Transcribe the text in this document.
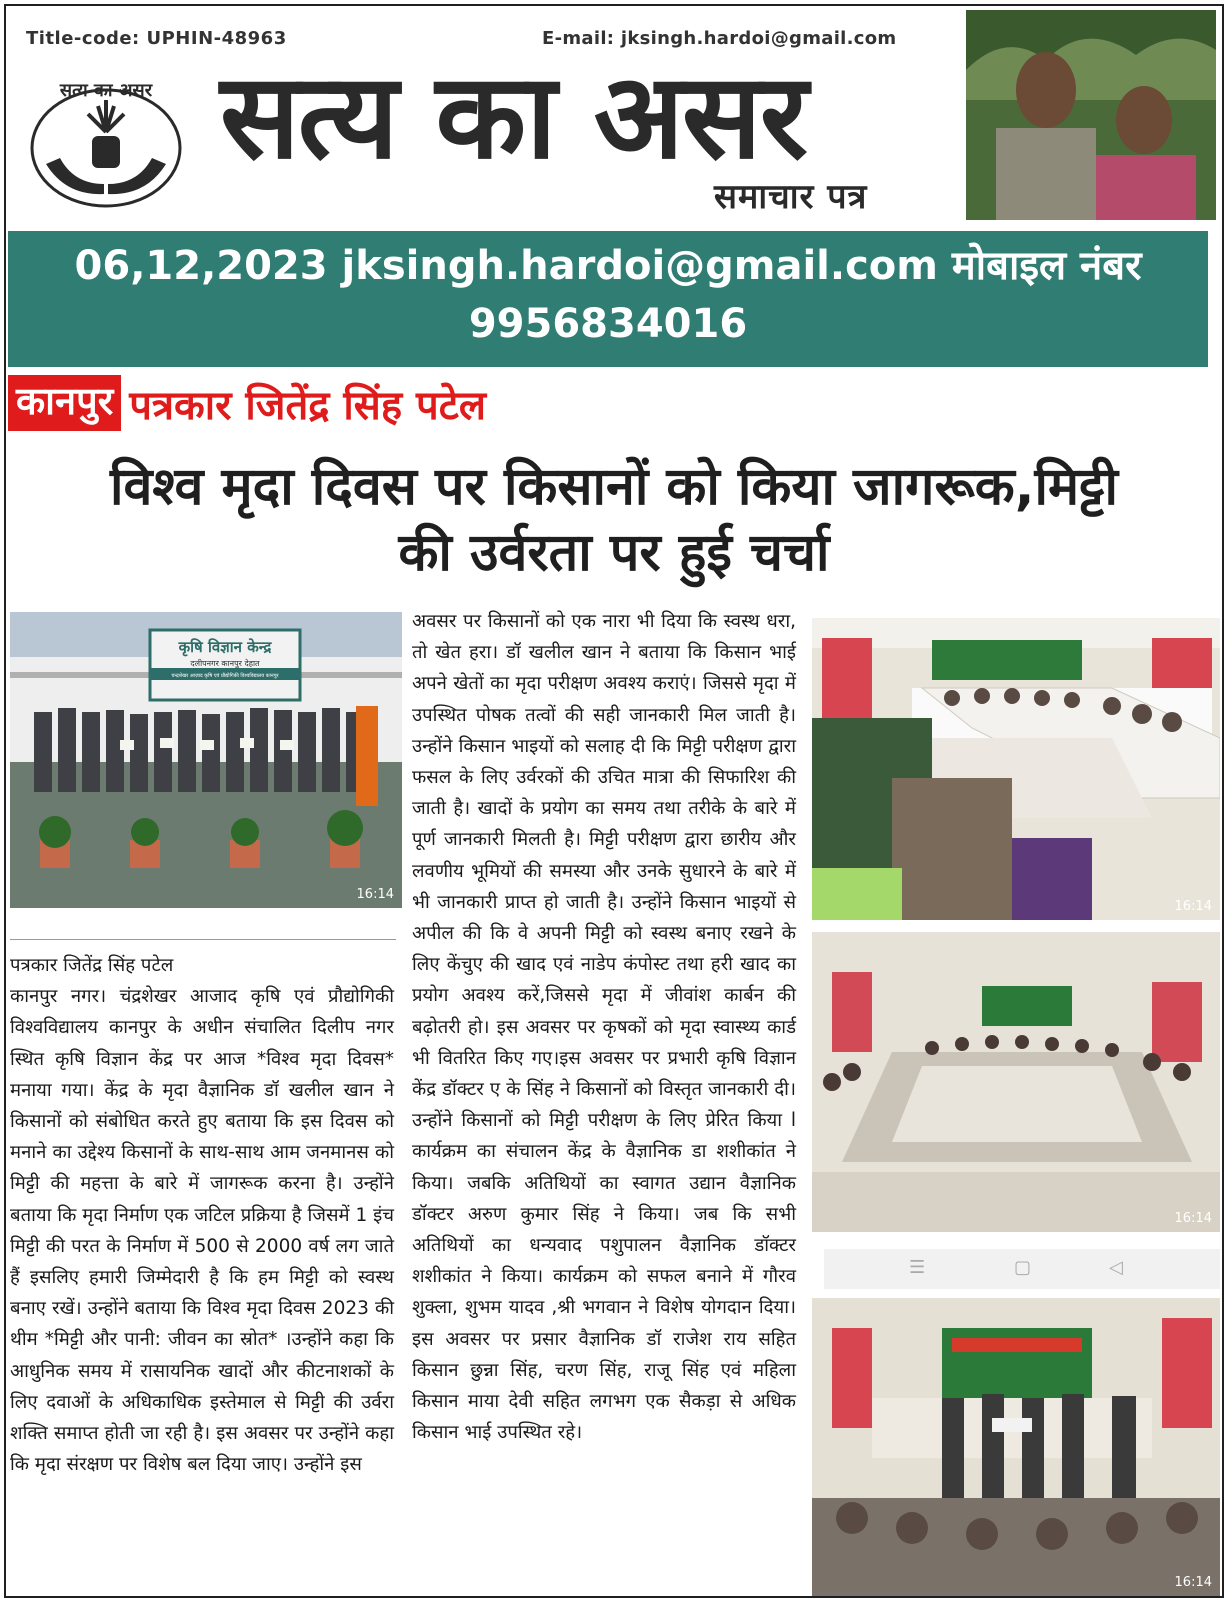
Title-code: UPHIN-48963	E-mail: jksingh.hardoi@gmail.com
सत्य का असर सत्य का असर
समाचार पत्र
06,12,2023 jksingh.hardoi@gmail.com मोबाइल नंबर
9956834016
कानपुर पत्रकार जितेंद्र सिंह पटेल
विश्व मृदा दिवस पर किसानों को किया जागरूक,मिट्टी
की उर्वरता पर हुई चर्चा
कृषि विज्ञान केन्द्र
दलीपनगर कानपुर देहात
चन्द्रशेखर आज़ाद कृषि एवं प्रौद्योगिकी विश्वविद्यालय कानपुर
16:14

पत्रकार जितेंद्र सिंह पटेल

कानपुर नगर। चंद्रशेखर आजाद कृषि एवं प्रौद्योगिकी विश्वविद्यालय कानपुर के अधीन संचालित दिलीप नगर स्थित कृषि विज्ञान केंद्र पर आज *विश्व मृदा दिवस* मनाया गया। केंद्र के मृदा वैज्ञानिक डॉ खलील खान ने किसानों को संबोधित करते हुए बताया कि इस दिवस को मनाने का उद्देश्य किसानों के साथ-साथ आम जनमानस को मिट्टी की महत्ता के बारे में जागरूक करना है। उन्होंने बताया कि मृदा निर्माण एक जटिल प्रक्रिया है जिसमें 1 इंच मिट्टी की परत के निर्माण में 500 से 2000 वर्ष लग जाते हैं इसलिए हमारी जिम्मेदारी है कि हम मिट्टी को स्वस्थ बनाए रखें। उन्होंने बताया कि विश्व मृदा दिवस 2023 की थीम *मिट्टी और पानी: जीवन का स्रोत* ।उन्होंने कहा कि आधुनिक समय में रासायनिक खादों और कीटनाशकों के लिए दवाओं के अधिकाधिक इस्तेमाल से मिट्टी की उर्वरा शक्ति समाप्त होती जा रही है। इस अवसर पर उन्होंने कहा कि मृदा संरक्षण पर विशेष बल दिया जाए। उन्होंने इस

अवसर पर किसानों को एक नारा भी दिया कि स्वस्थ धरा, तो खेत हरा। डॉ खलील खान ने बताया कि किसान भाई अपने खेतों का मृदा परीक्षण अवश्य कराएं। जिससे मृदा में उपस्थित पोषक तत्वों की सही जानकारी मिल जाती है। उन्होंने किसान भाइयों को सलाह दी कि मिट्टी परीक्षण द्वारा फसल के लिए उर्वरकों की उचित मात्रा की सिफारिश की जाती है। खादों के प्रयोग का समय तथा तरीके के बारे में पूर्ण जानकारी मिलती है। मिट्टी परीक्षण द्वारा छारीय और लवणीय भूमियों की समस्या और उनके सुधारने के बारे में भी जानकारी प्राप्त हो जाती है। उन्होंने किसान भाइयों से अपील की कि वे अपनी मिट्टी को स्वस्थ बनाए रखने के लिए केंचुए की खाद एवं नाडेप कंपोस्ट तथा हरी खाद का प्रयोग अवश्य करें,जिससे मृदा में जीवांश कार्बन की बढ़ोतरी हो। इस अवसर पर कृषकों को मृदा स्वास्थ्य कार्ड भी वितरित किए गए।इस अवसर पर प्रभारी कृषि विज्ञान केंद्र डॉक्टर ए के सिंह ने किसानों को विस्तृत जानकारी दी। उन्होंने किसानों को मिट्टी परीक्षण के लिए प्रेरित किया l कार्यक्रम का संचालन केंद्र के वैज्ञानिक डा शशीकांत ने किया। जबकि अतिथियों का स्वागत उद्यान वैज्ञानिक डॉक्टर अरुण कुमार सिंह ने किया। जब कि सभी अतिथियों का धन्यवाद पशुपालन वैज्ञानिक डॉक्टर शशीकांत ने किया। कार्यक्रम को सफल बनाने में गौरव शुक्ला, शुभम यादव ,श्री भगवान ने विशेष योगदान दिया। इस अवसर पर प्रसार वैज्ञानिक डॉ राजेश राय सहित किसान छुन्ना सिंह, चरण सिंह, राजू सिंह एवं महिला किसान माया देवी सहित लगभग एक सैकड़ा से अधिक किसान भाई उपस्थित रहे।

16:14
16:14
☰	▢	◁
16:14
